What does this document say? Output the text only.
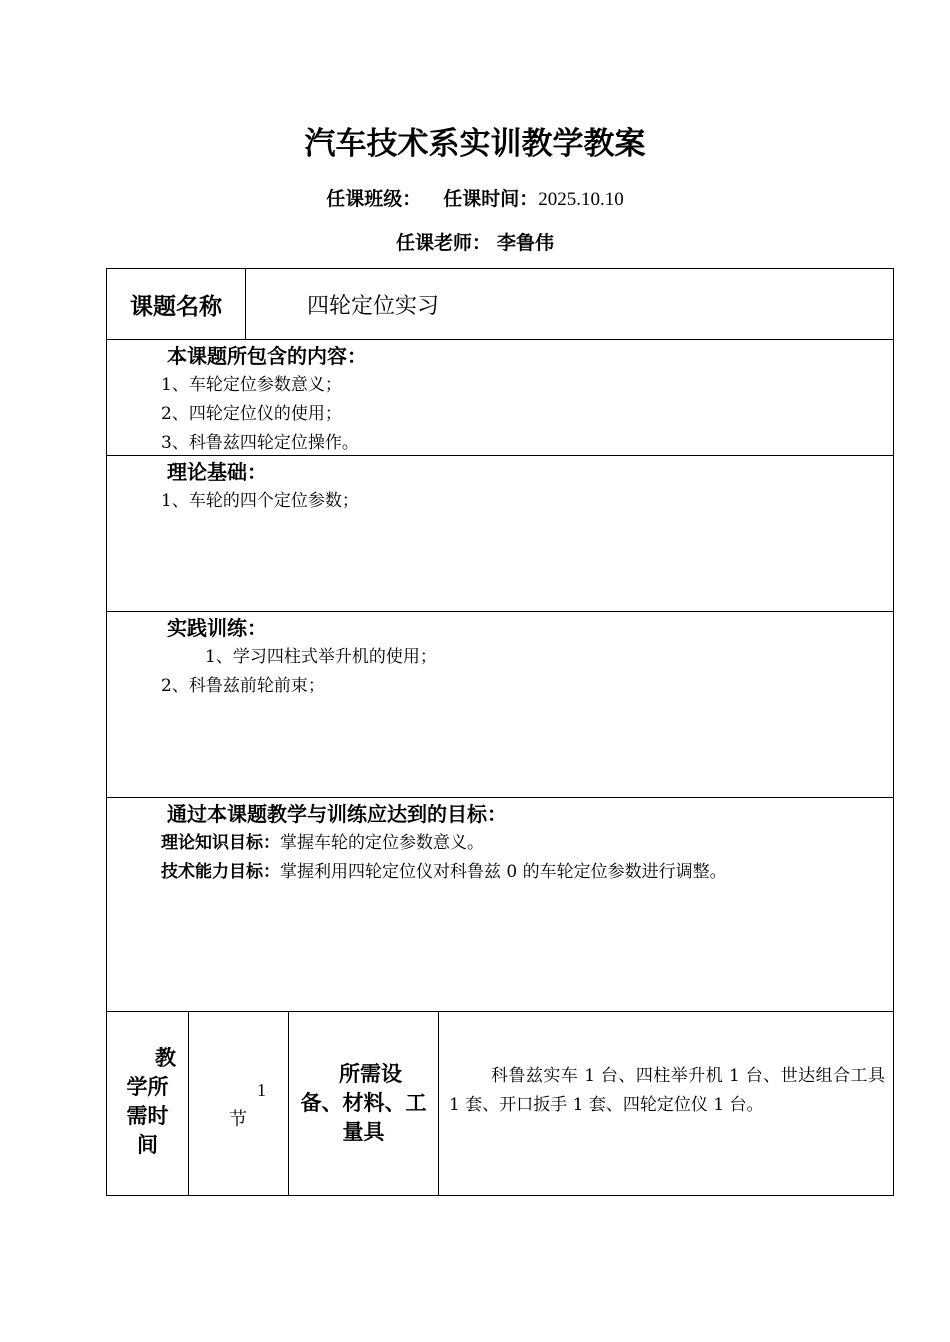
汽车技术系实训教学教案
任课班级： 任课时间：2025.10.10
任课老师： 李鲁伟
课题名称	四轮定位实习
本课题所包含的内容：
1、车轮定位参数意义；
2、四轮定位仪的使用；
3、科鲁兹四轮定位操作。
理论基础：
1、车轮的四个定位参数；
实践训练：
1、学习四柱式举升机的使用；
2、科鲁兹前轮前束；
通过本课题教学与训练应达到的目标：
理论知识目标：掌握车轮的定位参数意义。
技术能力目标：掌握利用四轮定位仪对科鲁兹 0 的车轮定位参数进行调整。
教
学所需时间
1
节
所需设
备、材料、工量具
科鲁兹实车 1 台、四柱举升机 1 台、世达组合工具 1 套、开口扳手 1 套、四轮定位仪 1 台。
